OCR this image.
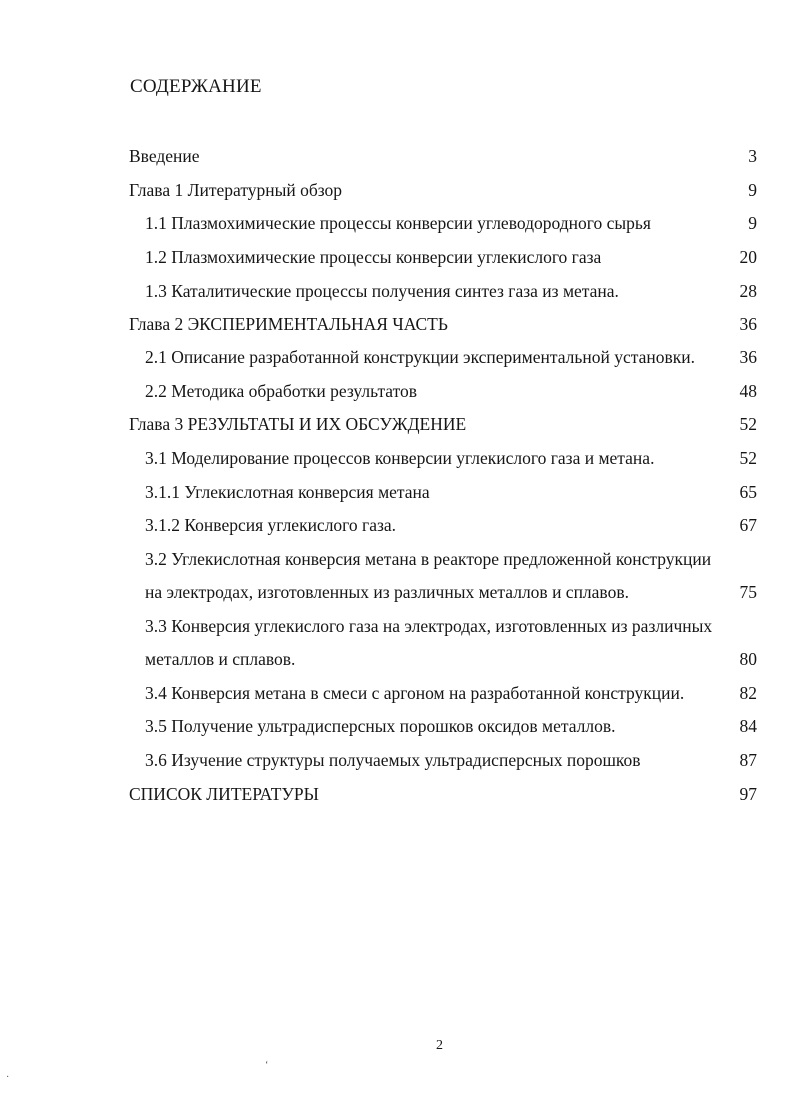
СОДЕРЖАНИЕ
Введение	3
Глава 1 Литературный обзор	9
1.1 Плазмохимические процессы конверсии углеводородного сырья	9
1.2 Плазмохимические процессы конверсии углекислого газа	20
1.3 Каталитические процессы получения синтез газа из метана.	28
Глава 2 ЭКСПЕРИМЕНТАЛЬНАЯ ЧАСТЬ	36
2.1 Описание разработанной конструкции экспериментальной установки.	36
2.2 Методика обработки результатов	48
Глава 3 РЕЗУЛЬТАТЫ И ИХ ОБСУЖДЕНИЕ	52
3.1 Моделирование процессов конверсии углекислого газа и метана.	52
3.1.1 Углекислотная конверсия метана	65
3.1.2 Конверсия углекислого газа.	67
3.2 Углекислотная конверсия метана в реакторе предложенной конструкции
на электродах, изготовленных из различных металлов и сплавов.	75
3.3 Конверсия углекислого газа на электродах, изготовленных из различных
металлов и сплавов.	80
3.4 Конверсия метана в смеси с аргоном на разработанной конструкции.	82
3.5 Получение ультрадисперсных порошков оксидов металлов.	84
3.6 Изучение структуры получаемых ультрадисперсных порошков	87
СПИСОК ЛИТЕРАТУРЫ	97
2
ʻ
·
